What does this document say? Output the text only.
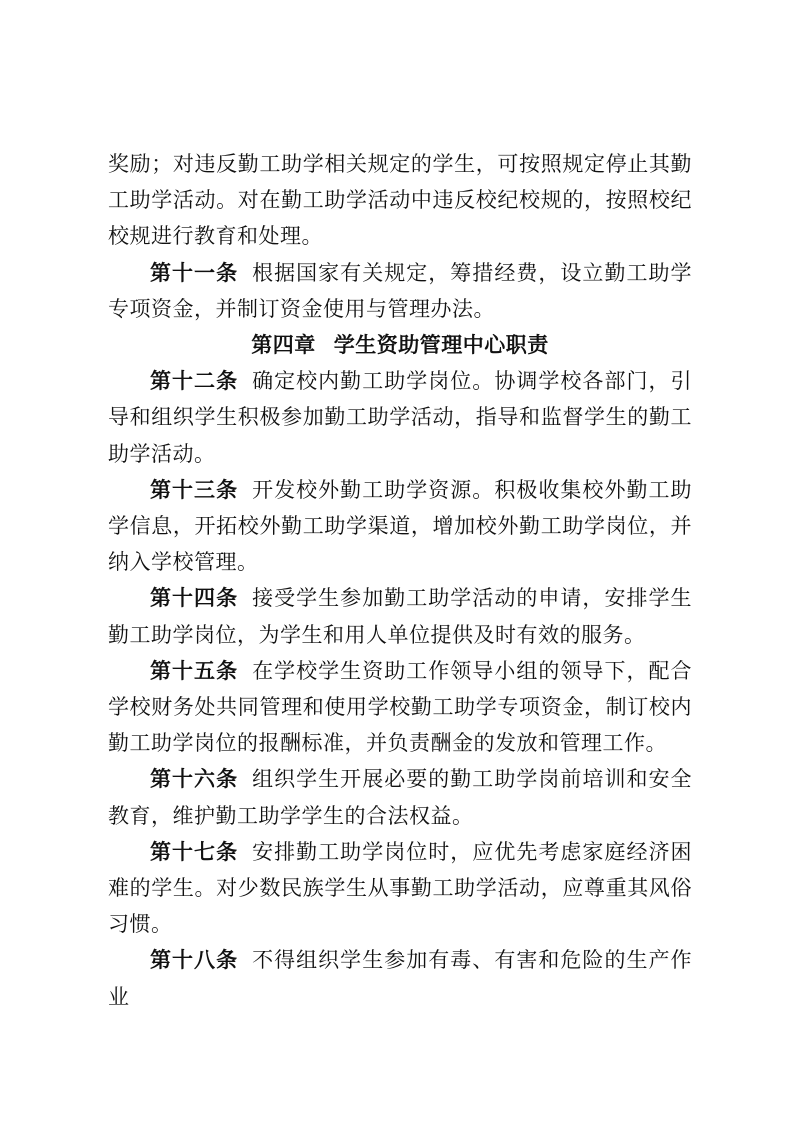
奖励；对违反勤工助学相关规定的学生，可按照规定停止其勤工助学活动。对在勤工助学活动中违反校纪校规的，按照校纪校规进行教育和处理。

第十一条 根据国家有关规定，筹措经费，设立勤工助学专项资金，并制订资金使用与管理办法。

第四章 学生资助管理中心职责

第十二条 确定校内勤工助学岗位。协调学校各部门，引导和组织学生积极参加勤工助学活动，指导和监督学生的勤工助学活动。

第十三条 开发校外勤工助学资源。积极收集校外勤工助学信息，开拓校外勤工助学渠道，增加校外勤工助学岗位，并纳入学校管理。

第十四条 接受学生参加勤工助学活动的申请，安排学生勤工助学岗位，为学生和用人单位提供及时有效的服务。

第十五条 在学校学生资助工作领导小组的领导下，配合学校财务处共同管理和使用学校勤工助学专项资金，制订校内勤工助学岗位的报酬标准，并负责酬金的发放和管理工作。

第十六条 组织学生开展必要的勤工助学岗前培训和安全教育，维护勤工助学学生的合法权益。

第十七条 安排勤工助学岗位时，应优先考虑家庭经济困难的学生。对少数民族学生从事勤工助学活动，应尊重其风俗习惯。

第十八条 不得组织学生参加有毒、有害和危险的生产作业
